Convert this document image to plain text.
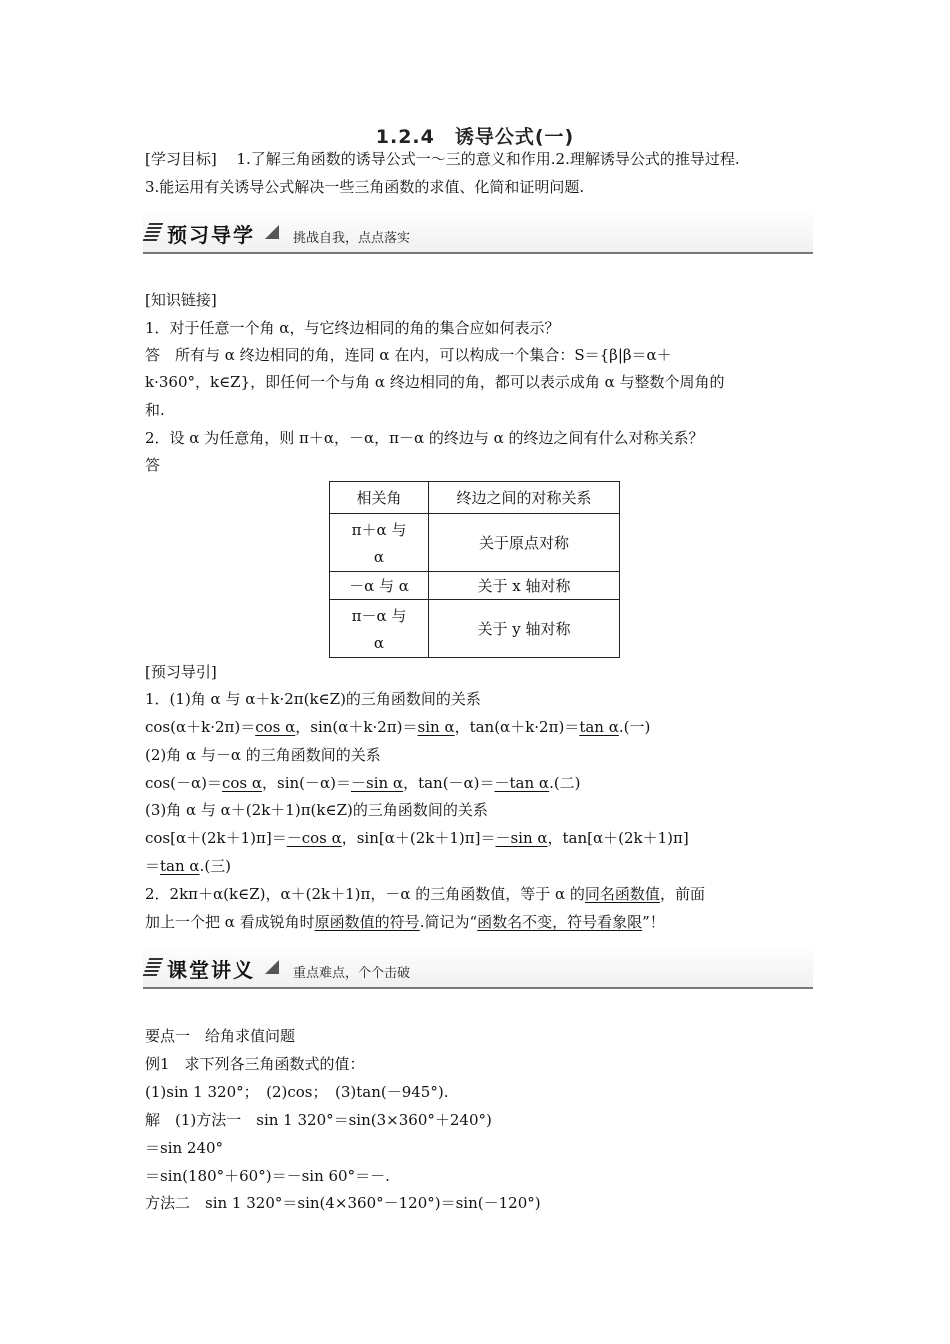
1.2.4　诱导公式(一)
[学习目标]　 1.了解三角函数的诱导公式一～三的意义和作用.2.理解诱导公式的推导过程.
3.能运用有关诱导公式解决一些三角函数的求值、化简和证明问题.
预习导学	挑战自我，点点落实
[知识链接]
1．对于任意一个角 α，与它终边相同的角的集合应如何表示？
答　所有与 α 终边相同的角，连同 α 在内，可以构成一个集合：S＝{β|β＝α＋
k·360°，k∈Z}，即任何一个与角 α 终边相同的角，都可以表示成角 α 与整数个周角的
和.
2．设 α 为任意角，则 π＋α，－α，π－α 的终边与 α 的终边之间有什么对称关系？
答
相关角	终边之间的对称关系

π＋α 与
α	关于原点对称
－α 与 α	关于 x 轴对称

π－α 与
α	关于 y 轴对称
[预习导引]
1．(1)角 α 与 α＋k·2π(k∈Z)的三角函数间的关系
cos(α＋k·2π)＝cos α，sin(α＋k·2π)＝sin α，tan(α＋k·2π)＝tan α.(一)
(2)角 α 与－α 的三角函数间的关系
cos(－α)＝cos α，sin(－α)＝－sin α，tan(－α)＝－tan α.(二)
(3)角 α 与 α＋(2k＋1)π(k∈Z)的三角函数间的关系
cos[α＋(2k＋1)π]＝－cos α，sin[α＋(2k＋1)π]＝－sin α，tan[α＋(2k＋1)π]
＝tan α.(三)
2．2kπ＋α(k∈Z)，α＋(2k＋1)π，－α 的三角函数值，等于 α 的同名函数值，前面
加上一个把 α 看成锐角时原函数值的符号.简记为“函数名不变，符号看象限”！
课堂讲义	重点难点，个个击破
要点一　给角求值问题
例1　求下列各三角函数式的值：
(1)sin 1 320°；　(2)cos；　(3)tan(－945°).
解　(1)方法一　sin 1 320°＝sin(3×360°＋240°)
＝sin 240°
＝sin(180°＋60°)＝－sin 60°＝－.
方法二　sin 1 320°＝sin(4×360°－120°)＝sin(－120°)
